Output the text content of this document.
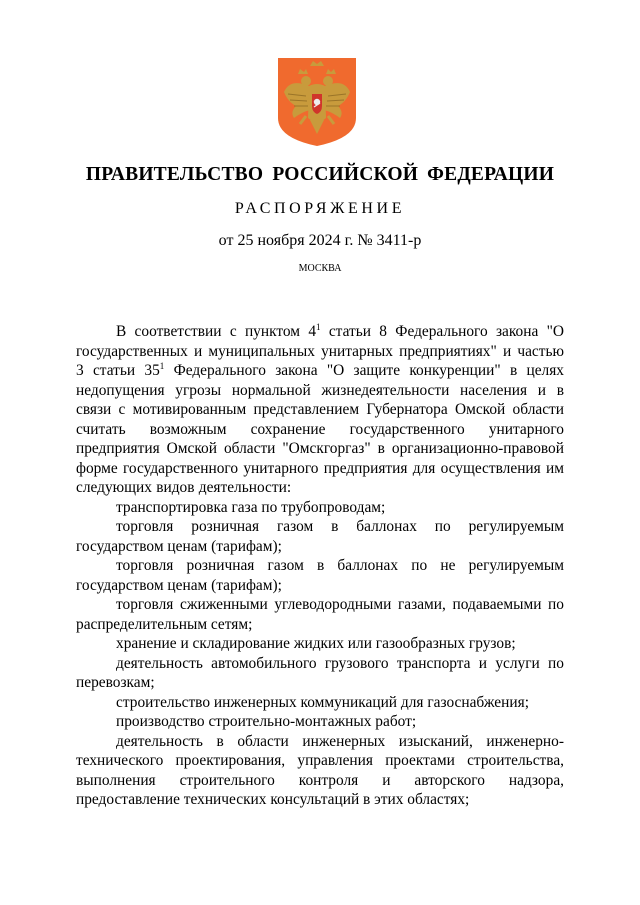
ПРАВИТЕЛЬСТВО РОССИЙСКОЙ ФЕДЕРАЦИИ
РАСПОРЯЖЕНИЕ
от 25 ноября 2024 г. № 3411-р
МОСКВА

В соответствии с пунктом $4^1$ статьи 8 Федерального закона "О государственных и муниципальных унитарных предприятиях" и частью 3 статьи $35^1$ Федерального закона "О защите конкуренции" в целях недопущения угрозы нормальной жизнедеятельности населения и в связи с мотивированным представлением Губернатора Омской области считать возможным сохранение государственного унитарного предприятия Омской области "Омскгоргаз" в организационно-правовой форме государственного унитарного предприятия для осуществления им следующих видов деятельности:

транспортировка газа по трубопроводам;

торговля розничная газом в баллонах по регулируемым государством ценам (тарифам);

торговля розничная газом в баллонах по не регулируемым государством ценам (тарифам);

торговля сжиженными углеводородными газами, подаваемыми по распределительным сетям;

хранение и складирование жидких или газообразных грузов;

деятельность автомобильного грузового транспорта и услуги по перевозкам;

строительство инженерных коммуникаций для газоснабжения;

производство строительно-монтажных работ;

деятельность в области инженерных изысканий, инженерно-технического проектирования, управления проектами строительства, выполнения строительного контроля и авторского надзора, предоставление технических консультаций в этих областях;
